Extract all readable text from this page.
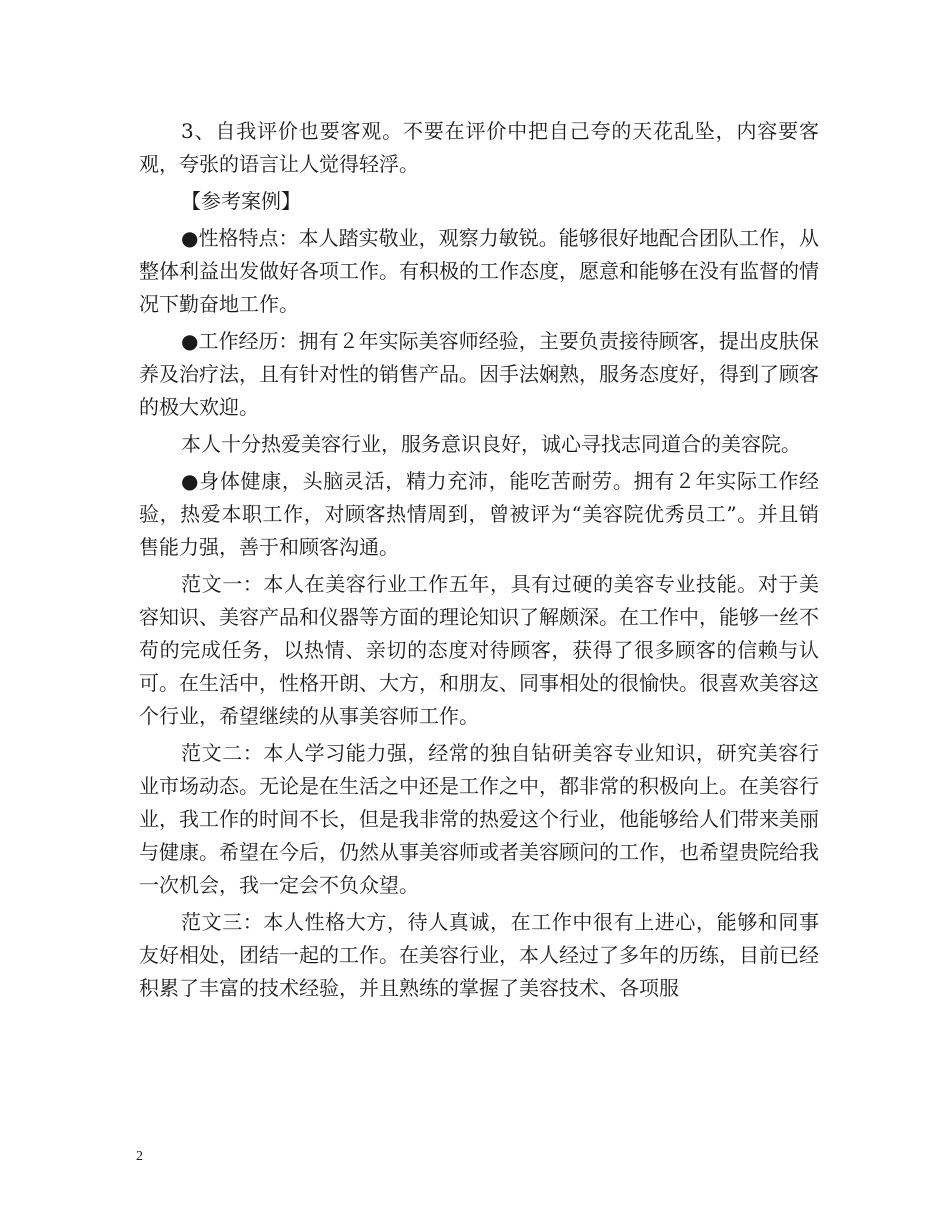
3、自我评价也要客观。不要在评价中把自己夸的天花乱坠，内容要客观，夸张的语言让人觉得轻浮。

【参考案例】

●性格特点：本人踏实敬业，观察力敏锐。能够很好地配合团队工作，从整体利益出发做好各项工作。有积极的工作态度，愿意和能够在没有监督的情况下勤奋地工作。

●工作经历：拥有２年实际美容师经验，主要负责接待顾客，提出皮肤保养及治疗法，且有针对性的销售产品。因手法娴熟，服务态度好，得到了顾客的极大欢迎。

本人十分热爱美容行业，服务意识良好，诚心寻找志同道合的美容院。

●身体健康，头脑灵活，精力充沛，能吃苦耐劳。拥有２年实际工作经验，热爱本职工作，对顾客热情周到，曾被评为“美容院优秀员工”。并且销售能力强，善于和顾客沟通。

范文一：本人在美容行业工作五年，具有过硬的美容专业技能。对于美容知识、美容产品和仪器等方面的理论知识了解颇深。在工作中，能够一丝不苟的完成任务，以热情、亲切的态度对待顾客，获得了很多顾客的信赖与认可。在生活中，性格开朗、大方，和朋友、同事相处的很愉快。很喜欢美容这个行业，希望继续的从事美容师工作。

范文二：本人学习能力强，经常的独自钻研美容专业知识，研究美容行业市场动态。无论是在生活之中还是工作之中，都非常的积极向上。在美容行业，我工作的时间不长，但是我非常的热爱这个行业，他能够给人们带来美丽与健康。希望在今后，仍然从事美容师或者美容顾问的工作，也希望贵院给我一次机会，我一定会不负众望。

范文三：本人性格大方，待人真诚，在工作中很有上进心，能够和同事友好相处，团结一起的工作。在美容行业，本人经过了多年的历练，目前已经积累了丰富的技术经验，并且熟练的掌握了美容技术、各项服

2
